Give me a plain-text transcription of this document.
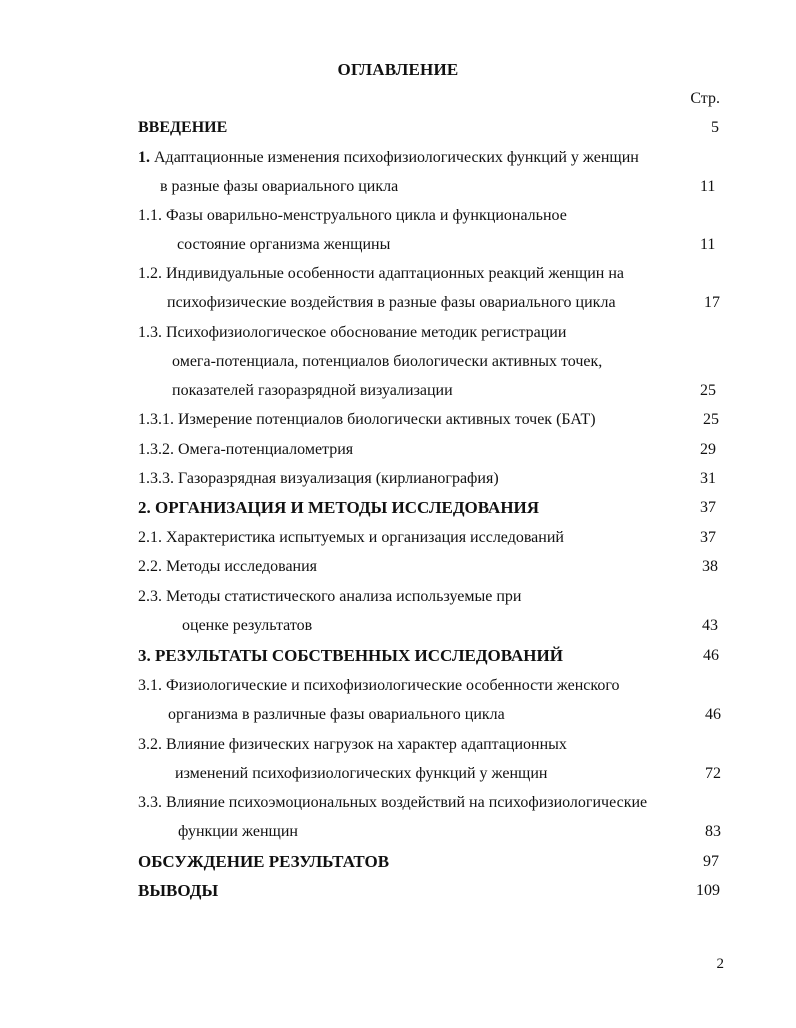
ОГЛАВЛЕНИЕ
Стр.
ВВЕДЕНИЕ	5
1. Адаптационные изменения психофизиологических функций у женщин
в разные фазы овариального цикла	11
1.1. Фазы оварильно-менструального цикла и функциональное
состояние организма женщины	11
1.2. Индивидуальные особенности адаптационных реакций женщин на
психофизические воздействия в разные фазы овариального цикла	17
1.3. Психофизиологическое обоснование методик регистрации
омега-потенциала, потенциалов биологически активных точек,
показателей газоразрядной визуализации	25
1.3.1. Измерение потенциалов биологически активных точек (БАТ)	25
1.3.2. Омега-потенциалометрия	29
1.3.3. Газоразрядная визуализация (кирлианография)	31
2. ОРГАНИЗАЦИЯ И МЕТОДЫ ИССЛЕДОВАНИЯ	37
2.1. Характеристика испытуемых и организация исследований	37
2.2. Методы исследования	38
2.3. Методы статистического анализа используемые при
оценке результатов	43
3. РЕЗУЛЬТАТЫ СОБСТВЕННЫХ ИССЛЕДОВАНИЙ	46
3.1. Физиологические и психофизиологические особенности женского
организма в различные фазы овариального цикла	46
3.2. Влияние физических нагрузок на характер адаптационных
изменений психофизиологических функций у женщин	72
3.3. Влияние психоэмоциональных воздействий на психофизиологические
функции женщин	83
ОБСУЖДЕНИЕ РЕЗУЛЬТАТОВ	97
ВЫВОДЫ	109
2
